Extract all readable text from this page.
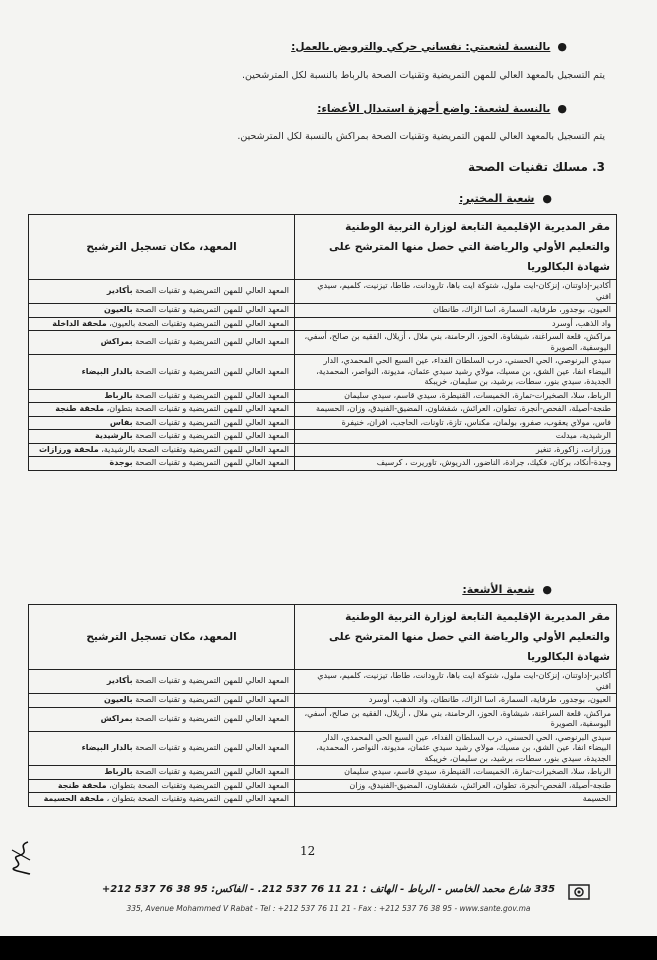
●
بالنسبة لشعبتي: نفساني حركي والترويض بالعمل:
يتم التسجيل بالمعهد العالي للمهن التمريضية وتقنيات الصحة بالرباط بالنسبة لكل المترشحين.
●
بالنسبة لشعبة: واضع أجهزة استبدال الأعضاء:
يتم التسجيل بالمعهد العالي للمهن التمريضية وتقنيات الصحة بمراكش بالنسبة لكل المترشحين.
3. مسلك تقنيات الصحة
●
شعبة المختبر:
مقر المديرية الإقليمية التابعة لوزارة التربية الوطنية والتعليم الأولي والرياضة التي حصل منها المترشح على شهادة البكالوريا	المعهد، مكان تسجيل الترشيح
أكادير-إداوتنان، إنزكان-ايت ملول، شتوكة ايت باها، تارودانت، طاطا، تيزنيت، كلميم، سيدي افني	المعهد العالي للمهن التمريضية و تقنيات الصحة بأكادير
العيون، بوجدور، طرفاية، السمارة، اسا الزاك، طانطان	المعهد العالي للمهن التمريضية و تقنيات الصحة بالعيون
واد الذهب، أوسرد	المعهد العالي للمهن التمريضية وتقنيات الصحة بالعيون، ملحقة الداخلة
مراكش، قلعة السراغنة، شيشاوة، الحوز، الرحامنة، بني ملال ، أزيلال، الفقيه بن صالح، أسفي، اليوسفية، الصويرة	المعهد العالي للمهن التمريضية و تقنيات الصحة بمراكش
سيدي البرنوصي، الحي الحسني، درب السلطان الفداء، عين السبع الحي المحمدي، الدار البيضاء انفا، عين الشق، بن مسيك، مولاي رشيد سيدي عثمان، مديونة، النواصر، المحمدية، الجديدة، سيدي بنور، سطات، برشيد، بن سليمان، خريبكة	المعهد العالي للمهن التمريضية و تقنيات الصحة بالدار البيضاء
الرباط، سلا، الصخيرات-تمارة، الخميسات، القنيطرة، سيدي قاسم، سيدي سليمان	المعهد العالي للمهن التمريضية و تقنيات الصحة بالرباط
طنجة-أصيلة، الفحص-أنجرة، تطوان، العرائش، شفشاون، المضيق-الفنيدق، وزان، الحسيمة	المعهد العالي للمهن التمريضية و تقنيات الصحة بتطوان، ملحقة طنجة
فاس، مولاي يعقوب، صفرو، بولمان، مكناس، تازة، تاونات، الحاجب، افران، خنيفرة	المعهد العالي للمهن التمريضية و تقنيات الصحة بفاس
الرشيدية، ميدلت	المعهد العالي للمهن التمريضية و تقنيات الصحة بالرشيدية
ورزازات، زاكورة، تنغير	المعهد العالي للمهن التمريضية وتقنيات الصحة بالرشيدية، ملحقة ورزازات
وجدة-أنكاد، بركان، فكيك، جرادة، الناضور، الدريوش، تاوريرت ، كرسيف	المعهد العالي للمهن التمريضية و تقنيات الصحة بوجدة
●
شعبة الأشعة:
مقر المديرية الإقليمية التابعة لوزارة التربية الوطنية والتعليم الأولي والرياضة التي حصل منها المترشح على شهادة البكالوريا	المعهد، مكان تسجيل الترشيح
أكادير-إداوتنان، إنزكان-ايت ملول، شتوكة ايت باها، تارودانت، طاطا، تيزنيت، كلميم، سيدي افني	المعهد العالي للمهن التمريضية و تقنيات الصحة بأكادير
العيون، بوجدور، طرفاية، السمارة، اسا الزاك، طانطان، واد الذهب، أوسرد	المعهد العالي للمهن التمريضية و تقنيات الصحة بالعيون
مراكش، قلعة السراغنة، شيشاوة، الحوز، الرحامنة، بني ملال ، أزيلال، الفقيه بن صالح، أسفي، اليوسفية، الصويرة	المعهد العالي للمهن التمريضية و تقنيات الصحة بمراكش
سيدي البرنوصي، الحي الحسني، درب السلطان الفداء، عين السبع الحي المحمدي، الدار البيضاء انفا، عين الشق، بن مسيك، مولاي رشيد سيدي عثمان، مديونة، النواصر، المحمدية، الجديدة، سيدي بنور، سطات، برشيد، بن سليمان، خريبكة	المعهد العالي للمهن التمريضية و تقنيات الصحة بالدار البيضاء
الرباط، سلا، الصخيرات-تمارة، الخميسات، القنيطرة، سيدي قاسم، سيدي سليمان	المعهد العالي للمهن التمريضية و تقنيات الصحة بالرباط
طنجة-أصيلة، الفحص-أنجرة، تطوان، العرائش، شفشاون، المضيق-الفنيدق، وزان	المعهد العالي للمهن التمريضية وتقنيات الصحة بتطوان، ملحقة طنجة
الحسيمة	المعهد العالي للمهن التمريضية وتقنيات الصحة بتطوان ، ملحقة الحسيمة
12
335 شارع محمد الخامس - الرباط - الهاتف : 21 11 76 537 212. - الفاكس: 95 38 76 537 212+
335, Avenue Mohammed V Rabat - Tel : +212 537 76 11 21 - Fax : +212 537 76 38 95 - www.sante.gov.ma
